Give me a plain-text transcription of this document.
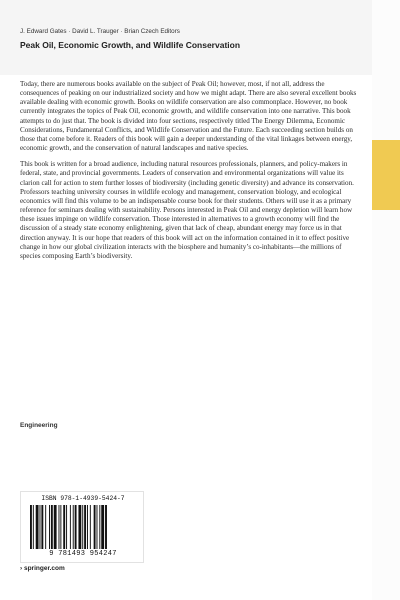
J. Edward Gates · David L. Trauger · Brian Czech Editors
Peak Oil, Economic Growth, and Wildlife Conservation

Today, there are numerous books available on the subject of Peak Oil; however, most, if not all, address the consequences of peaking on our industrialized society and how we might adapt. There are also several excellent books available dealing with economic growth. Books on wildlife conservation are also commonplace. However, no book currently integrates the topics of Peak Oil, economic growth, and wildlife conservation into one narrative. This book attempts to do just that. The book is divided into four sections, respectively titled The Energy Dilemma, Economic Considerations, Fundamental Conflicts, and Wildlife Conservation and the Future. Each succeeding section builds on those that come before it. Readers of this book will gain a deeper understanding of the vital linkages between energy, economic growth, and the conservation of natural landscapes and native species.

This book is written for a broad audience, including natural resources professionals, planners, and policy-makers in federal, state, and provincial governments. Leaders of conservation and environmental organizations will value its clarion call for action to stem further losses of biodiversity (including genetic diversity) and advance its conservation. Professors teaching university courses in wildlife ecology and management, conservation biology, and ecological economics will find this volume to be an indispensable course book for their students. Others will use it as a primary reference for seminars dealing with sustainability. Persons interested in Peak Oil and energy depletion will learn how these issues impinge on wildlife conservation. Those interested in alternatives to a growth economy will find the discussion of a steady state economy enlightening, given that lack of cheap, abundant energy may force us in that direction anyway. It is our hope that readers of this book will act on the information contained in it to effect positive change in how our global civilization interacts with the biosphere and humanity’s co-inhabitants—the millions of species composing Earth’s biodiversity.

Engineering
ISBN 978-1-4939-5424-7
9 781493 954247
› springer.com
